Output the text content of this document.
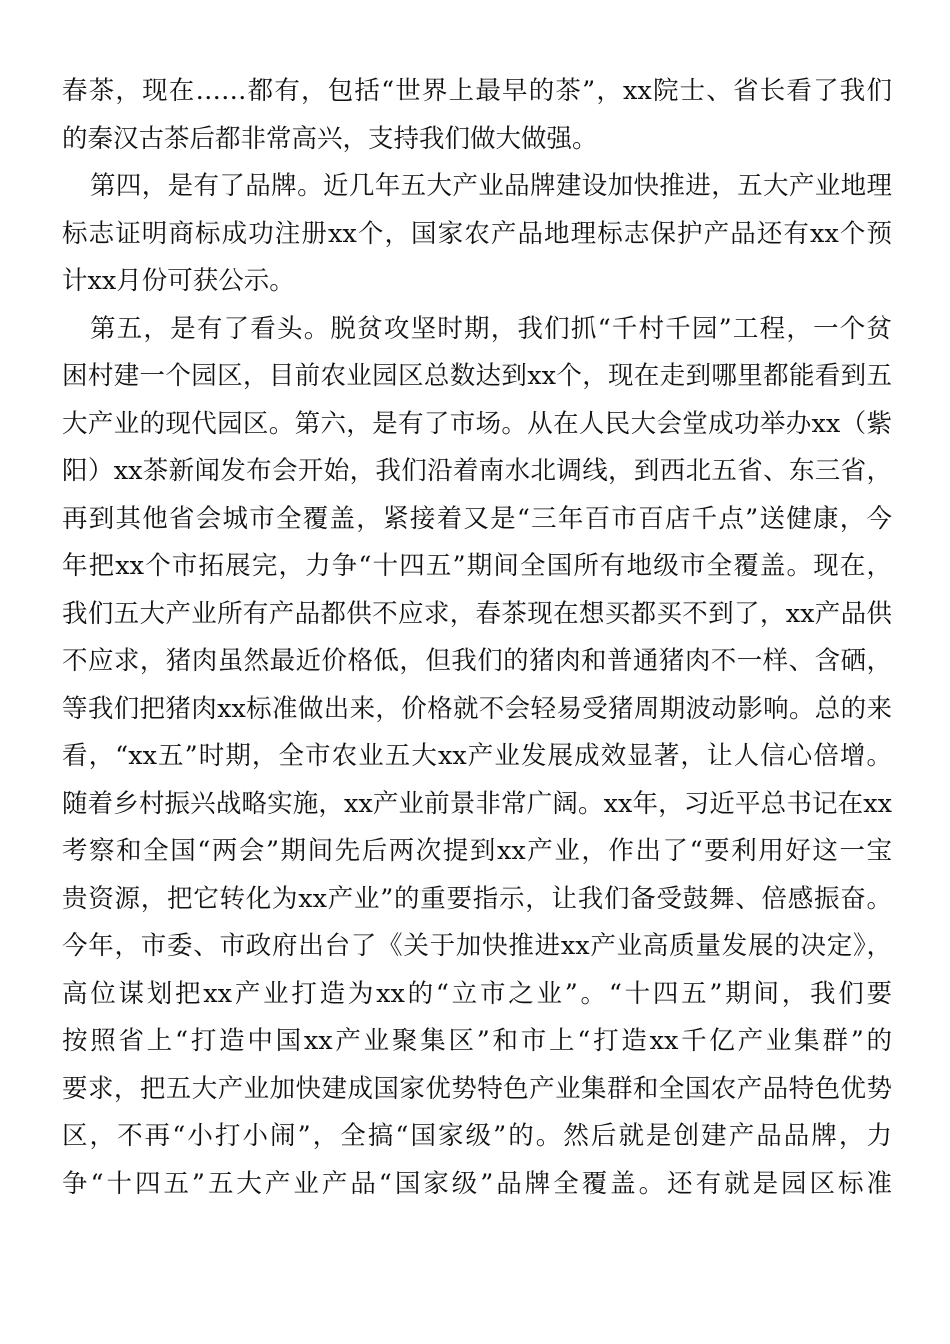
春茶，现在……都有，包括“世界上最早的茶”，xx院士、省长看了我们
的秦汉古茶后都非常高兴，支持我们做大做强。
第四，是有了品牌。近几年五大产业品牌建设加快推进，五大产业地理
标志证明商标成功注册xx个，国家农产品地理标志保护产品还有xx个预
计xx月份可获公示。
第五，是有了看头。脱贫攻坚时期，我们抓“千村千园”工程，一个贫
困村建一个园区，目前农业园区总数达到xx个，现在走到哪里都能看到五
大产业的现代园区。第六，是有了市场。从在人民大会堂成功举办xx（紫
阳）xx茶新闻发布会开始，我们沿着南水北调线，到西北五省、东三省，
再到其他省会城市全覆盖，紧接着又是“三年百市百店千点”送健康，今
年把xx个市拓展完，力争“十四五”期间全国所有地级市全覆盖。现在，
我们五大产业所有产品都供不应求，春茶现在想买都买不到了，xx产品供
不应求，猪肉虽然最近价格低，但我们的猪肉和普通猪肉不一样、含硒，
等我们把猪肉xx标准做出来，价格就不会轻易受猪周期波动影响。总的来
看，“xx五”时期，全市农业五大xx产业发展成效显著，让人信心倍增。
随着乡村振兴战略实施，xx产业前景非常广阔。xx年，习近平总书记在xx
考察和全国“两会”期间先后两次提到xx产业，作出了“要利用好这一宝
贵资源，把它转化为xx产业”的重要指示，让我们备受鼓舞、倍感振奋。
今年，市委、市政府出台了《关于加快推进xx产业高质量发展的决定》，
高位谋划把xx产业打造为xx的“立市之业”。“十四五”期间，我们要
按照省上“打造中国xx产业聚集区”和市上“打造xx千亿产业集群”的
要求，把五大产业加快建成国家优势特色产业集群和全国农产品特色优势
区，不再“小打小闹”，全搞“国家级”的。然后就是创建产品品牌，力
争“十四五”五大产业产品“国家级”品牌全覆盖。还有就是园区标准
